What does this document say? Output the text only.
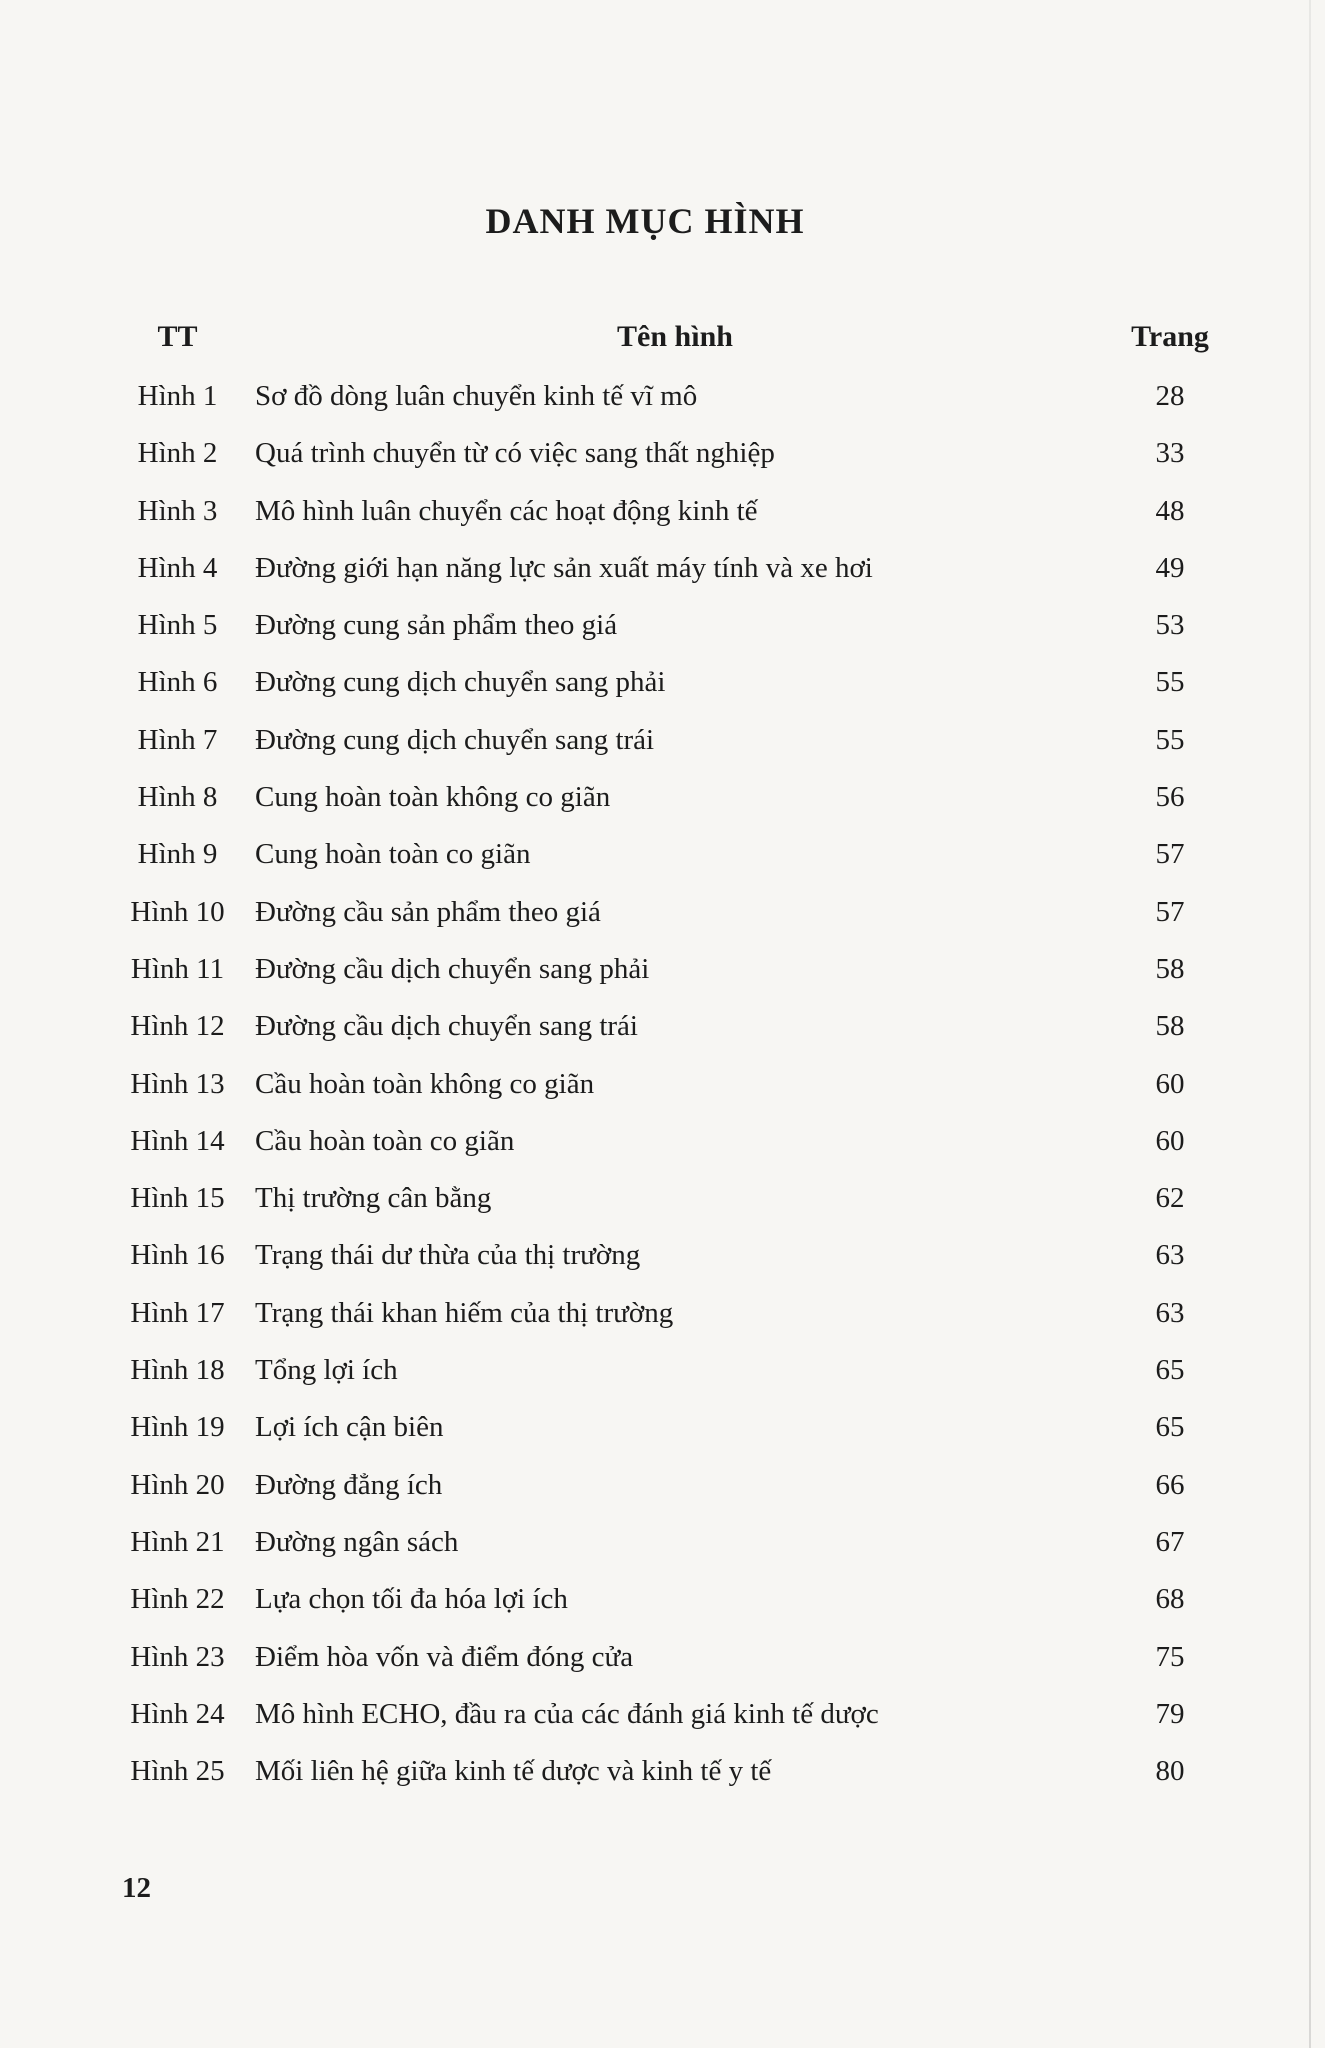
DANH MỤC HÌNH
TT	Tên hình	Trang
Hình 1	Sơ đồ dòng luân chuyển kinh tế vĩ mô	28
Hình 2	Quá trình chuyển từ có việc sang thất nghiệp	33
Hình 3	Mô hình luân chuyển các hoạt động kinh tế	48
Hình 4	Đường giới hạn năng lực sản xuất máy tính và xe hơi	49
Hình 5	Đường cung sản phẩm theo giá	53
Hình 6	Đường cung dịch chuyển sang phải	55
Hình 7	Đường cung dịch chuyển sang trái	55
Hình 8	Cung hoàn toàn không co giãn	56
Hình 9	Cung hoàn toàn co giãn	57
Hình 10	Đường cầu sản phẩm theo giá	57
Hình 11	Đường cầu dịch chuyển sang phải	58
Hình 12	Đường cầu dịch chuyển sang trái	58
Hình 13	Cầu hoàn toàn không co giãn	60
Hình 14	Cầu hoàn toàn co giãn	60
Hình 15	Thị trường cân bằng	62
Hình 16	Trạng thái dư thừa của thị trường	63
Hình 17	Trạng thái khan hiếm của thị trường	63
Hình 18	Tổng lợi ích	65
Hình 19	Lợi ích cận biên	65
Hình 20	Đường đẳng ích	66
Hình 21	Đường ngân sách	67
Hình 22	Lựa chọn tối đa hóa lợi ích	68
Hình 23	Điểm hòa vốn và điểm đóng cửa	75
Hình 24	Mô hình ECHO, đầu ra của các đánh giá kinh tế dược	79
Hình 25	Mối liên hệ giữa kinh tế dược và kinh tế y tế	80
12
